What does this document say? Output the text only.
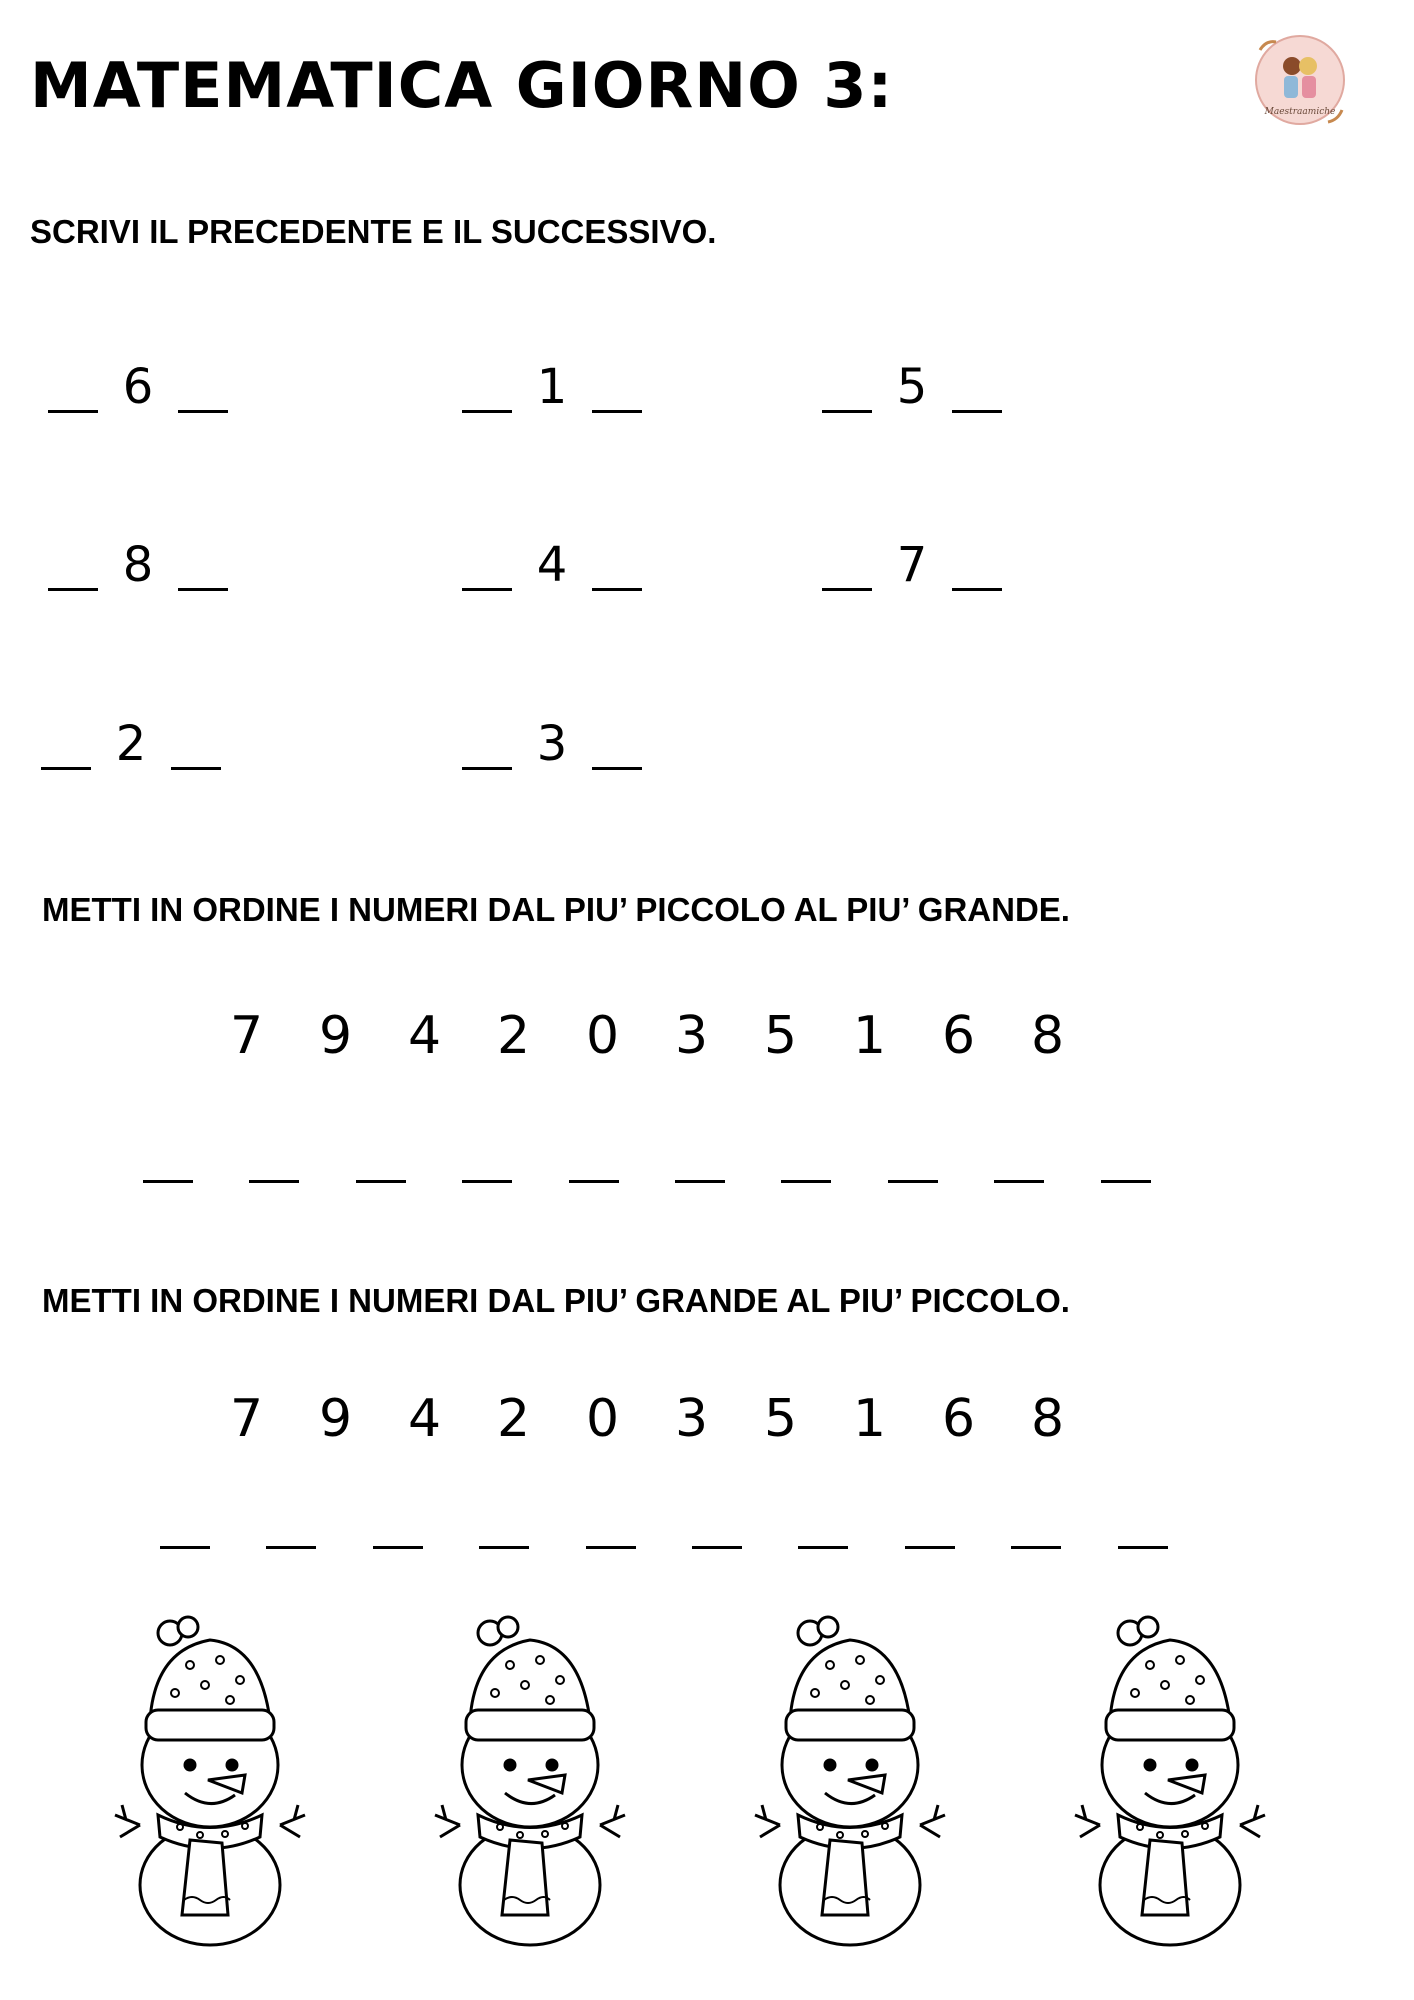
MATEMATICA GIORNO 3:	Maestraamiche
SCRIVI IL PRECEDENTE E IL SUCCESSIVO.
6	1	5
8	4	7
2	3
METTI IN ORDINE I NUMERI DAL PIU’ PICCOLO AL PIU’ GRANDE.
7 9 4 2 0 3 5 1 6 8
METTI IN ORDINE I NUMERI DAL PIU’ GRANDE AL PIU’ PICCOLO.
7 9 4 2 0 3 5 1 6 8
